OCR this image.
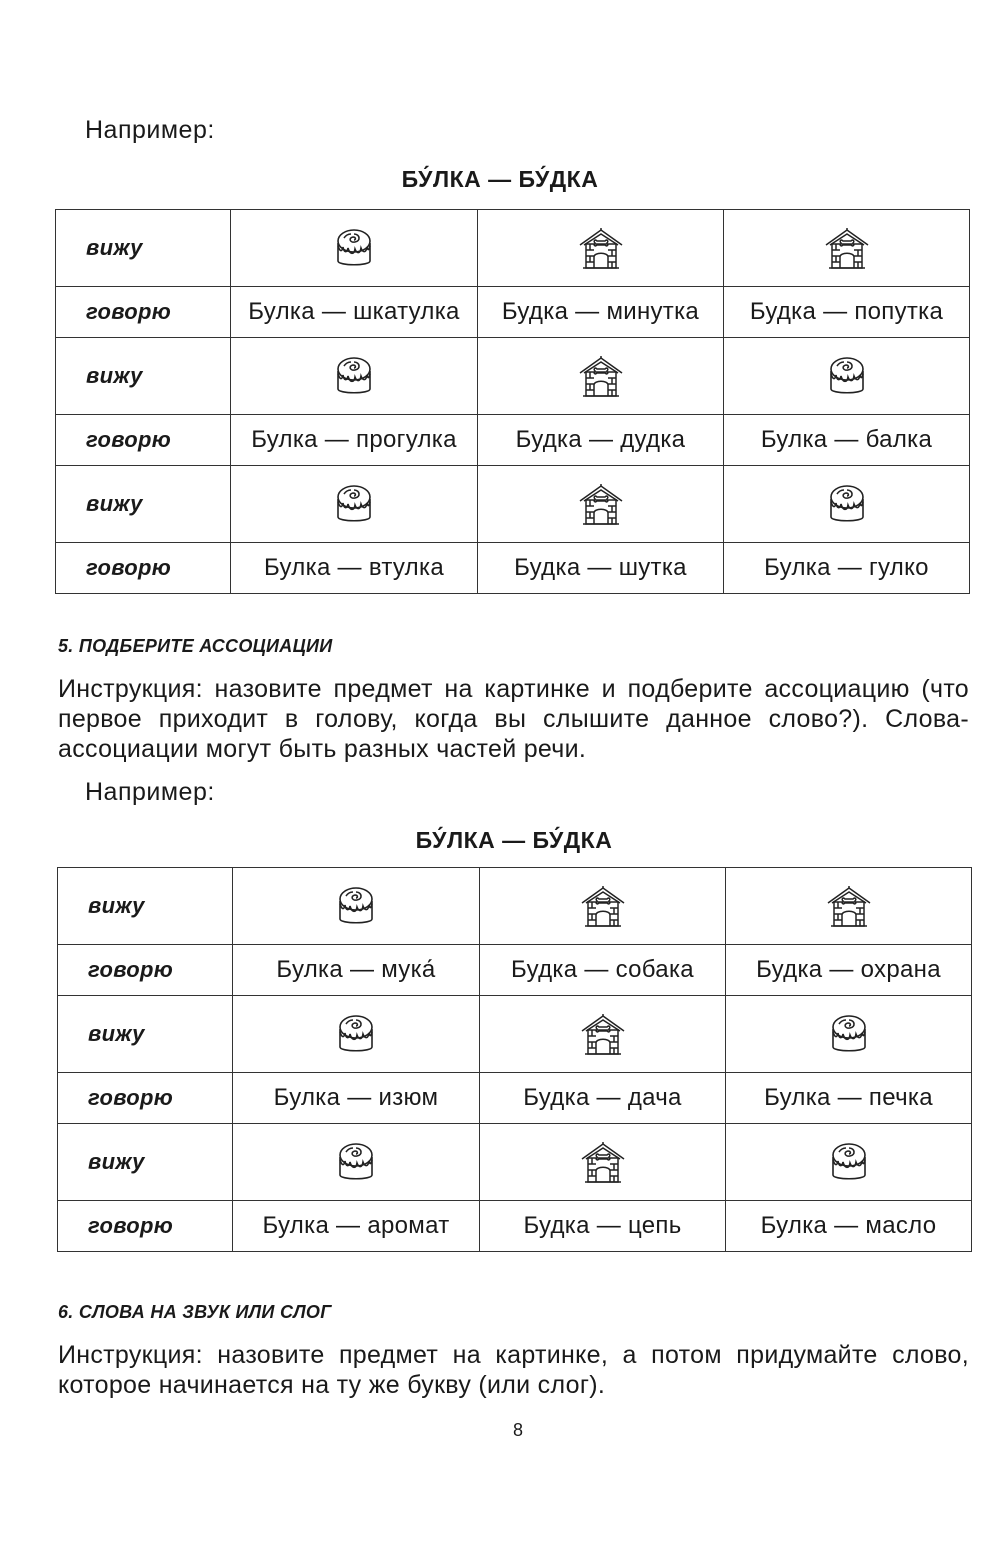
Например:
БУ́ЛКА — БУ́ДКА
вижу			
говорю	Булка — шкатулка	Будка — минутка	Будка — попутка
вижу			
говорю	Булка — прогулка	Будка — дудка	Булка — балка
вижу			
говорю	Булка — втулка	Будка — шутка	Булка — гулко
5. ПОДБЕРИТЕ АССОЦИАЦИИ
Инструкция: назовите предмет на картинке и подберите ассоциацию (что первое приходит в голову, когда вы слышите данное слово?). Слова-ассоциации могут быть разных частей речи.
Например:
БУ́ЛКА — БУ́ДКА
вижу			
говорю	Булка — мука́	Будка — собака	Будка — охрана
вижу			
говорю	Булка — изюм	Будка — дача	Булка — печка
вижу			
говорю	Булка — аромат	Будка — цепь	Булка — масло
6. СЛОВА НА ЗВУК ИЛИ СЛОГ
Инструкция: назовите предмет на картинке, а потом придумайте слово, которое начинается на ту же букву (или слог).
8
